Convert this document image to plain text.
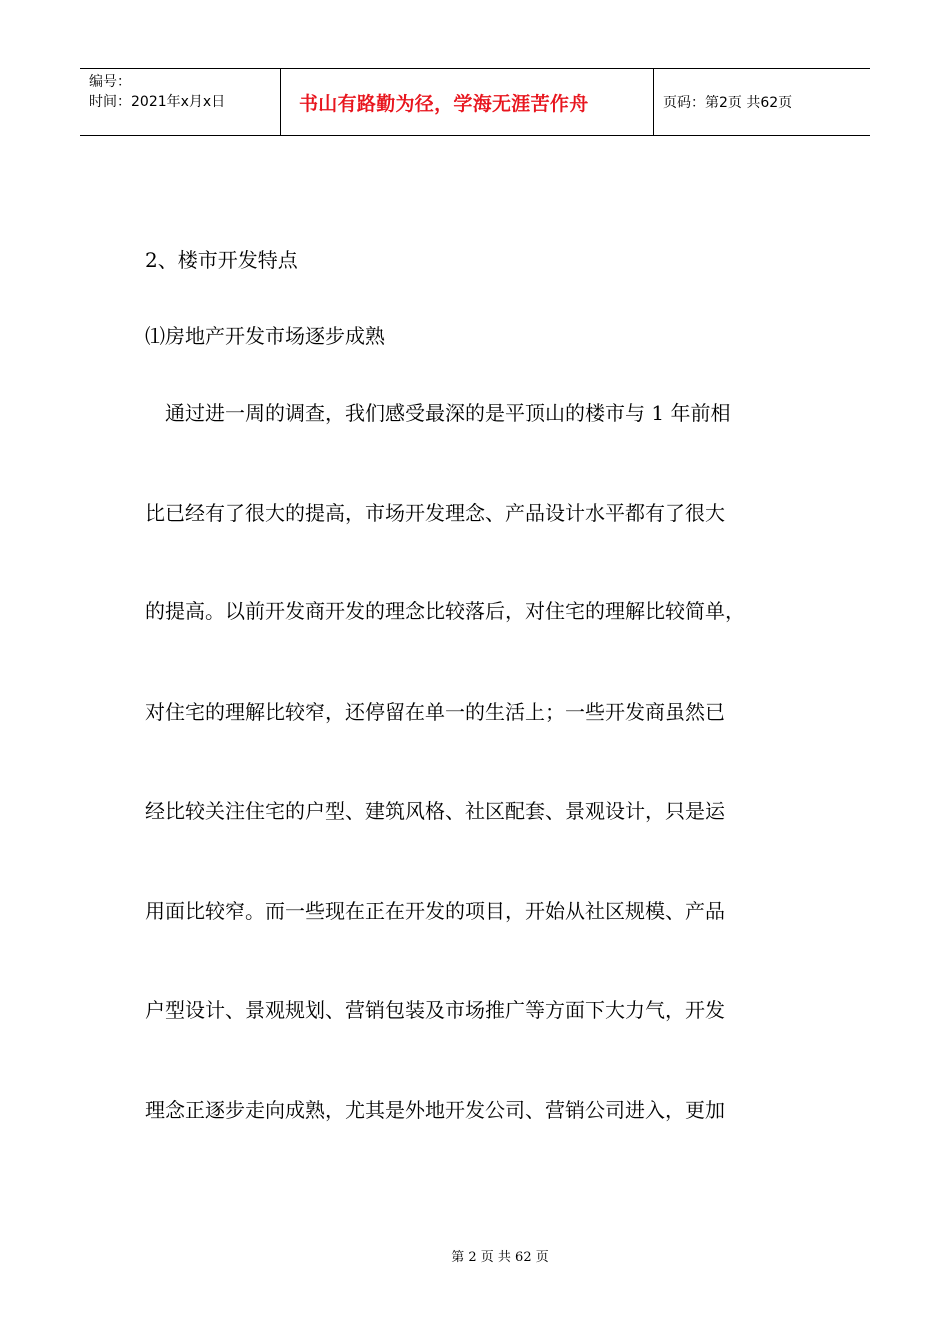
编号：
时间：2021年x月x日	书山有路勤为径，学海无涯苦作舟	页码：第2页 共62页
2、楼市开发特点
⑴房地产开发市场逐步成熟
　通过进一周的调查，我们感受最深的是平顶山的楼市与 1 年前相
比已经有了很大的提高，市场开发理念、产品设计水平都有了很大
的提高。以前开发商开发的理念比较落后，对住宅的理解比较简单，
对住宅的理解比较窄，还停留在单一的生活上；一些开发商虽然已
经比较关注住宅的户型、建筑风格、社区配套、景观设计，只是运
用面比较窄。而一些现在正在开发的项目，开始从社区规模、产品
户型设计、景观规划、营销包装及市场推广等方面下大力气，开发
理念正逐步走向成熟，尤其是外地开发公司、营销公司进入，更加
第 2 页 共 62 页
